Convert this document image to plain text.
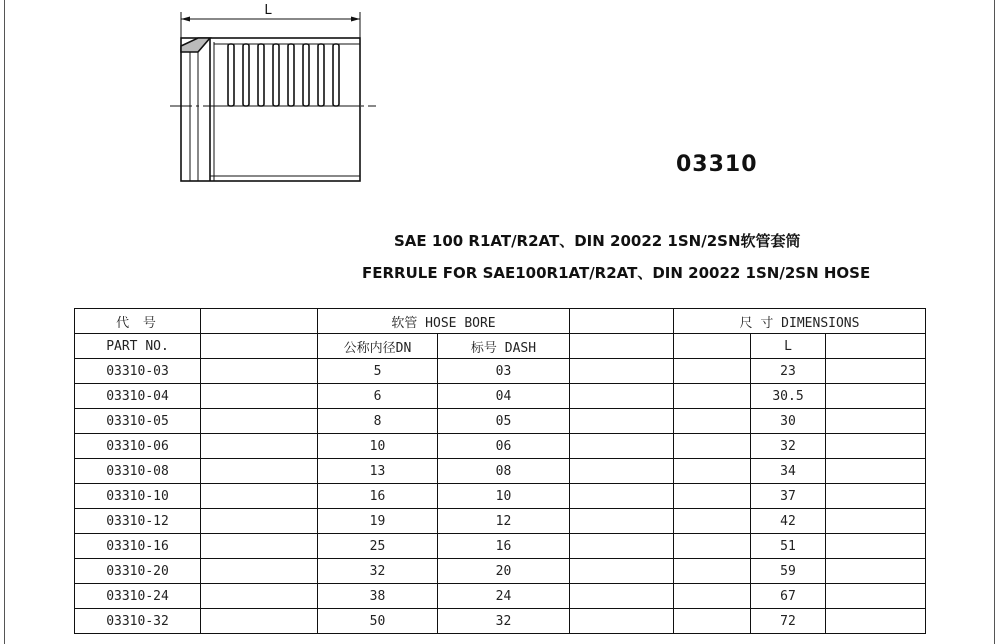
L
03310
SAE 100 R1AT/R2AT、DIN 20022 1SN/2SN软管套筒
FERRULE FOR SAE100R1AT/R2AT、DIN 20022 1SN/2SN HOSE
代 号		软管 HOSE BORE			尺 寸 DIMENSIONS		
PART NO.		公称内径DN	标号 DASH			L	
03310-03		5	03			23	
03310-04		6	04			30.5	
03310-05		8	05			30	
03310-06		10	06			32	
03310-08		13	08			34	
03310-10		16	10			37	
03310-12		19	12			42	
03310-16		25	16			51	
03310-20		32	20			59	
03310-24		38	24			67	
03310-32		50	32			72	
